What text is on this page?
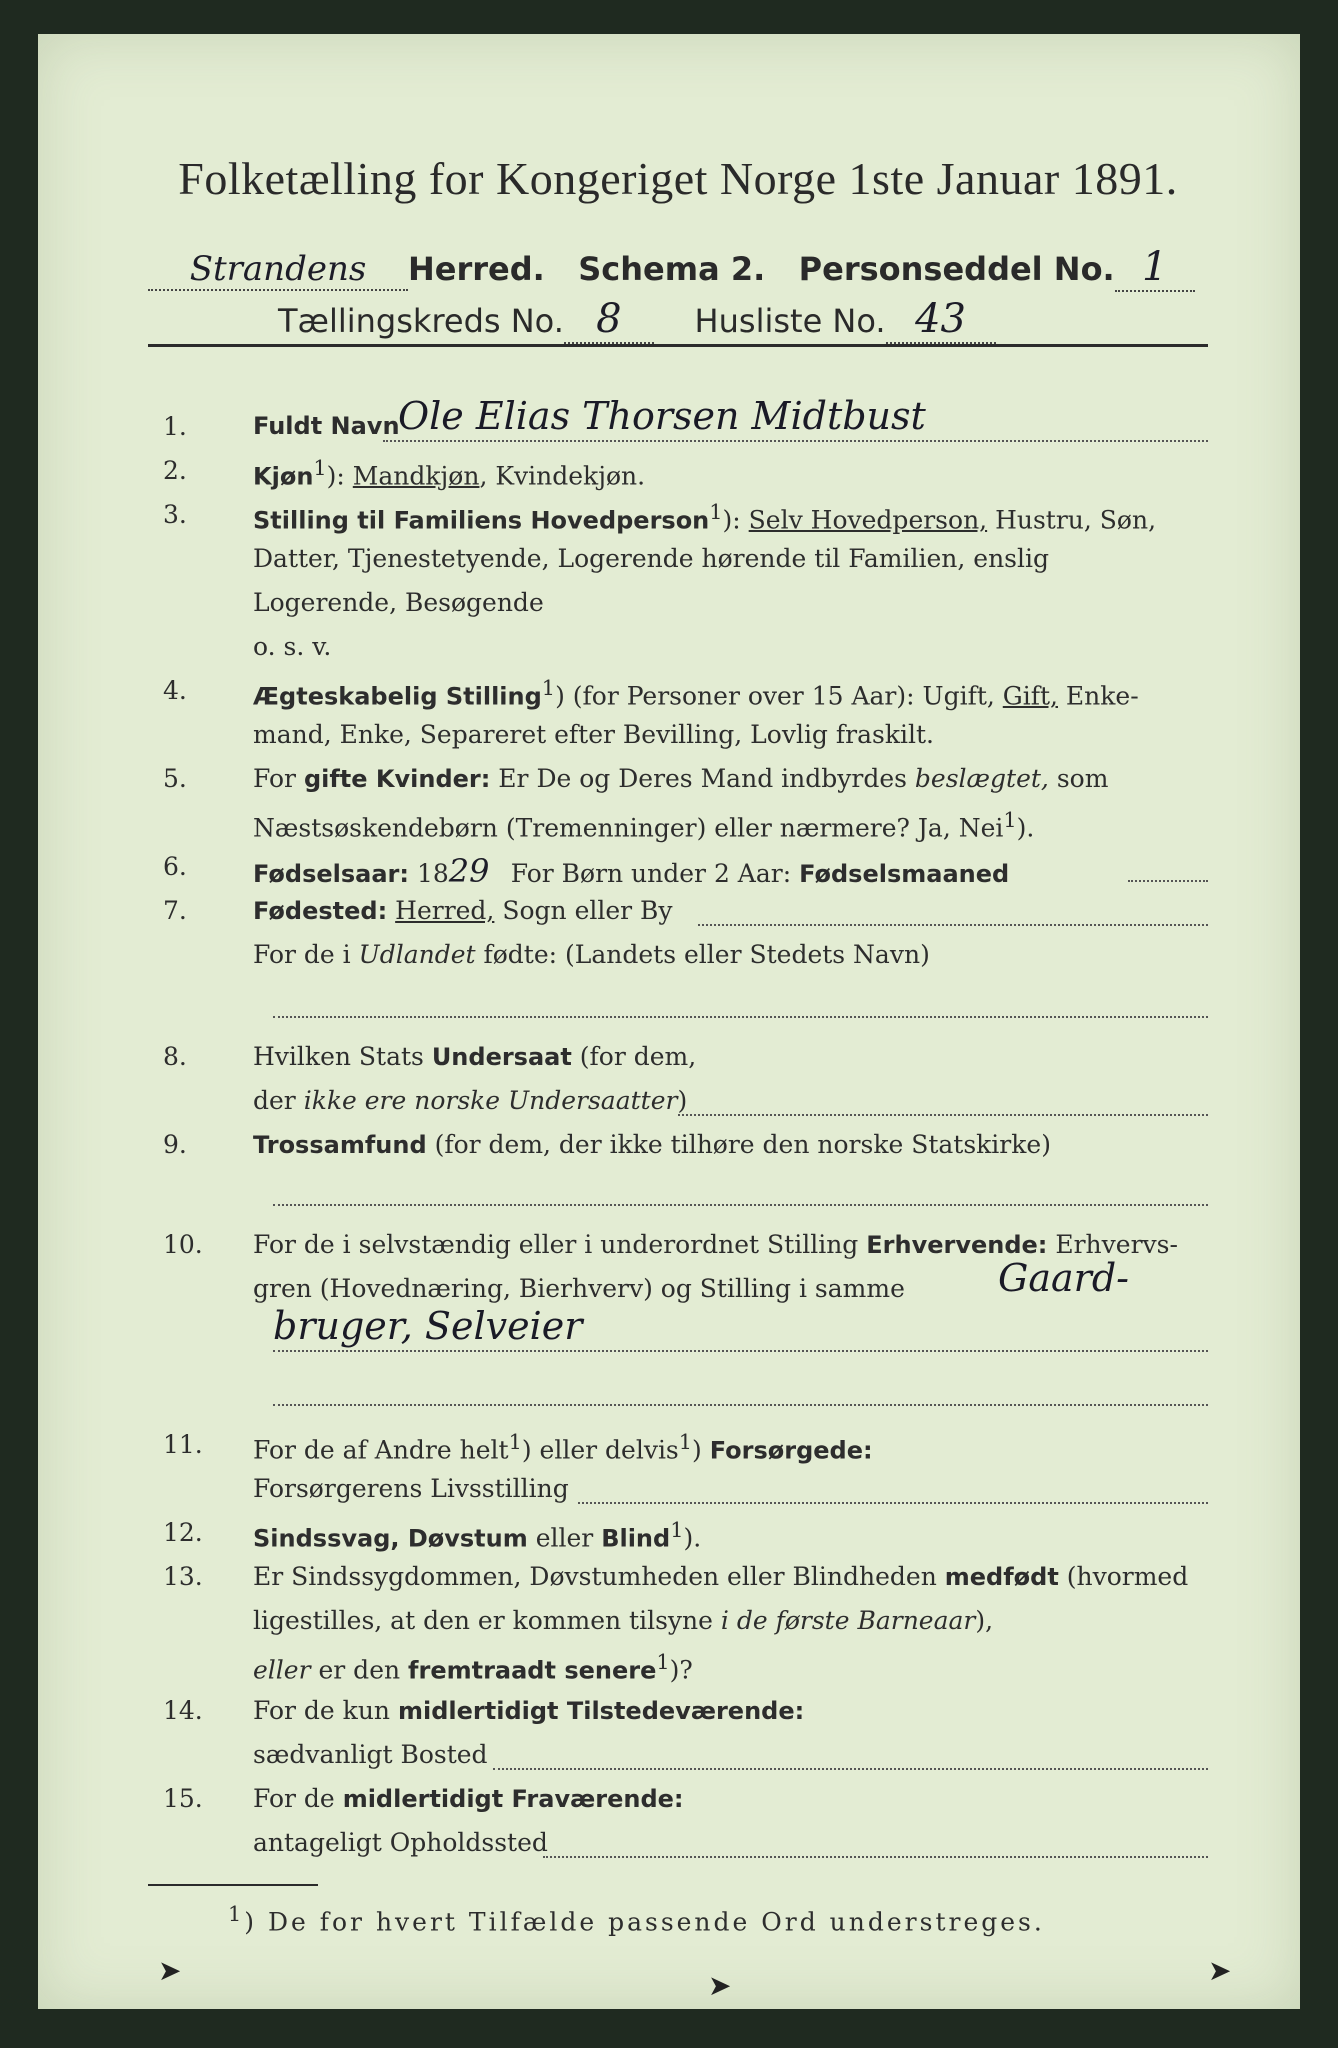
Folketælling for Kongeriget Norge 1ste Januar 1891.
Strandens Herred. Schema 2. Personseddel No. 1
Tællingskreds No. 8 Husliste No. 43
1.	Fuldt Navn
Ole Elias Thorsen Midtbust
2.	Kjøn$^1$): Mandkjøn, Kvindekjøn.
3.	Stilling til Familiens Hovedperson$^1$): Selv Hovedperson, Hustru, Søn,
Datter, Tjenestetyende, Logerende hørende til Familien, enslig
Logerende, Besøgende
o. s. v.
4.	Ægteskabelig Stilling$^1$) (for Personer over 15 Aar): Ugift, Gift, Enke-
mand, Enke, Separeret efter Bevilling, Lovlig fraskilt.
5.	For gifte Kvinder: Er De og Deres Mand indbyrdes beslægtet, som
Næstsøskendebørn (Tremenninger) eller nærmere? Ja, Nei$^1$).
6.	Fødselsaar: 1829 For Børn under 2 Aar: Fødselsmaaned
7.	Fødested: Herred, Sogn eller By
For de i Udlandet fødte: (Landets eller Stedets Navn)
8.	Hvilken Stats Undersaat (for dem,
der ikke ere norske Undersaatter)
9.	Trossamfund (for dem, der ikke tilhøre den norske Statskirke)
10.	For de i selvstændig eller i underordnet Stilling Erhvervende: Erhvervs-
gren (Hovednæring, Bierhverv) og Stilling i samme Gaard-
bruger, Selveier
11.	For de af Andre helt$^1$) eller delvis$^1$) Forsørgede:
Forsørgerens Livsstilling
12.	Sindssvag, Døvstum eller Blind$^1$).
13.	Er Sindssygdommen, Døvstumheden eller Blindheden medfødt (hvormed
ligestilles, at den er kommen tilsyne i de første Barneaar),
eller er den fremtraadt senere$^1$)?
14.	For de kun midlertidigt Tilstedeværende:
sædvanligt Bosted
15.	For de midlertidigt Fraværende:
antageligt Opholdssted
$^1$) De for hvert Tilfælde passende Ord understreges.
➤	➤	➤
